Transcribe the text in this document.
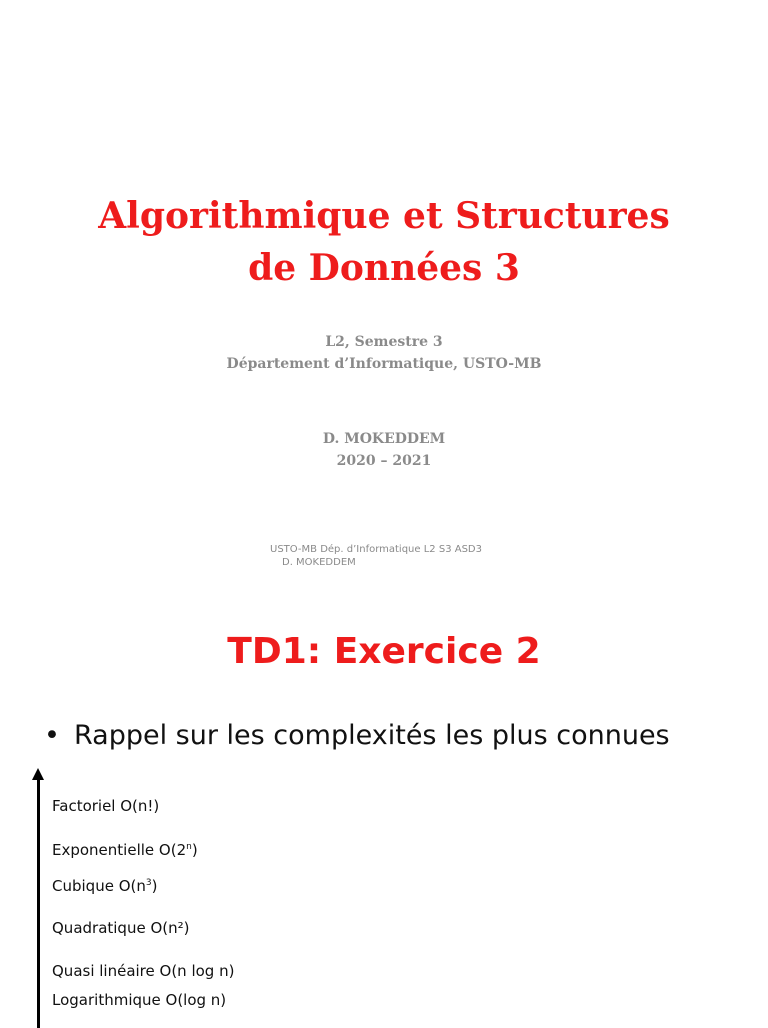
Algorithmique et Structures
de Données 3
L2, Semestre 3
Département d’Informatique, USTO-MB
D. MOKEDDEM
2020 – 2021
USTO-MB Dép. d’Informatique L2 S3 ASD3
D. MOKEDDEM
TD1: Exercice 2
• Rappel sur les complexités les plus connues
Factoriel O(n!)
Exponentielle O(2$^n$)
Cubique $O(n^3)$
Quadratique O(n²)
Quasi linéaire O(n log n)
Logarithmique O(log n)
